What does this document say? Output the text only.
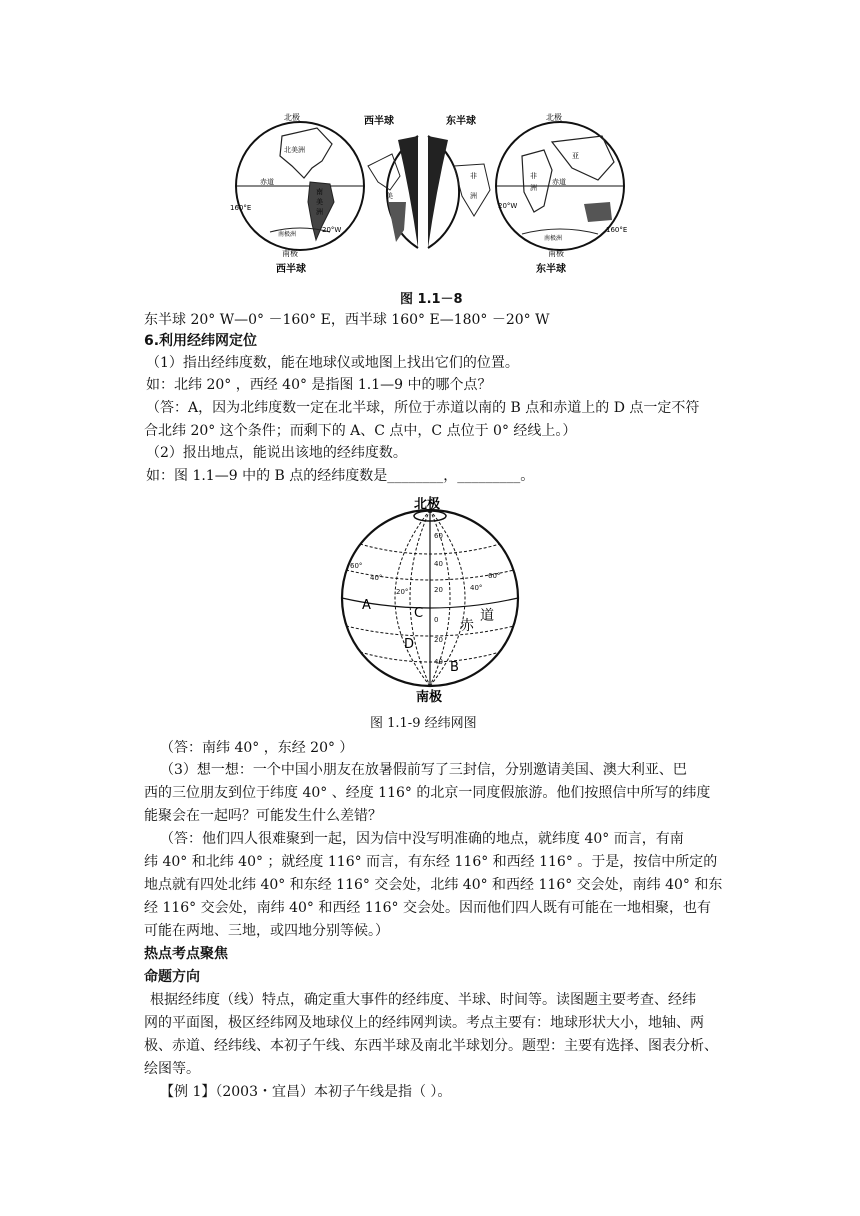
北极
北美洲
赤道
南
美
洲
160°E
南极洲
20°W
南极
西半球
西半球	东半球
美
非
洲
北极
亚
非
洲
赤道
20°W
160°E
南极洲
南极
东半球
图 1.1－8
东半球 20° W—0° －160° E，西半球 160° E—180° －20° W
6.利用经纬网定位
（1）指出经纬度数，能在地球仪或地图上找出它们的位置。
如：北纬 20° ，西经 40° 是指图 1.1—9 中的哪个点？
（答：A，因为北纬度数一定在北半球，所位于赤道以南的 B 点和赤道上的 D 点一定不符
合北纬 20° 这个条件；而剩下的 A、C 点中，C 点位于 0° 经线上。）
（2）报出地点，能说出该地的经纬度数。
如：图 1.1—9 中的 B 点的经纬度数是________，_________。
60
40
20
0
20
40
60°
40°
20°	40°
60°
北极
A
C
D
B
赤
道
南极
图 1.1-9 经纬网图
（答：南纬 40° ，东经 20° ）
（3）想一想：一个中国小朋友在放暑假前写了三封信，分别邀请美国、澳大利亚、巴
西的三位朋友到位于纬度 40° 、经度 116° 的北京一同度假旅游。他们按照信中所写的纬度
能聚会在一起吗？可能发生什么差错？
（答：他们四人很难聚到一起，因为信中没写明准确的地点，就纬度 40° 而言，有南
纬 40° 和北纬 40° ；就经度 116° 而言，有东经 116° 和西经 116° 。于是，按信中所定的
地点就有四处北纬 40° 和东经 116° 交会处，北纬 40° 和西经 116° 交会处，南纬 40° 和东
经 116° 交会处，南纬 40° 和西经 116° 交会处。因而他们四人既有可能在一地相聚，也有
可能在两地、三地，或四地分别等候。）
热点考点聚焦
命题方向
根据经纬度（线）特点，确定重大事件的经纬度、半球、时间等。读图题主要考查、经纬
网的平面图，极区经纬网及地球仪上的经纬网判读。考点主要有：地球形状大小，地轴、两
极、赤道、经纬线、本初子午线、东西半球及南北半球划分。题型：主要有选择、图表分析、
绘图等。
【例 1】（2003・宜昌）本初子午线是指（ ）。
